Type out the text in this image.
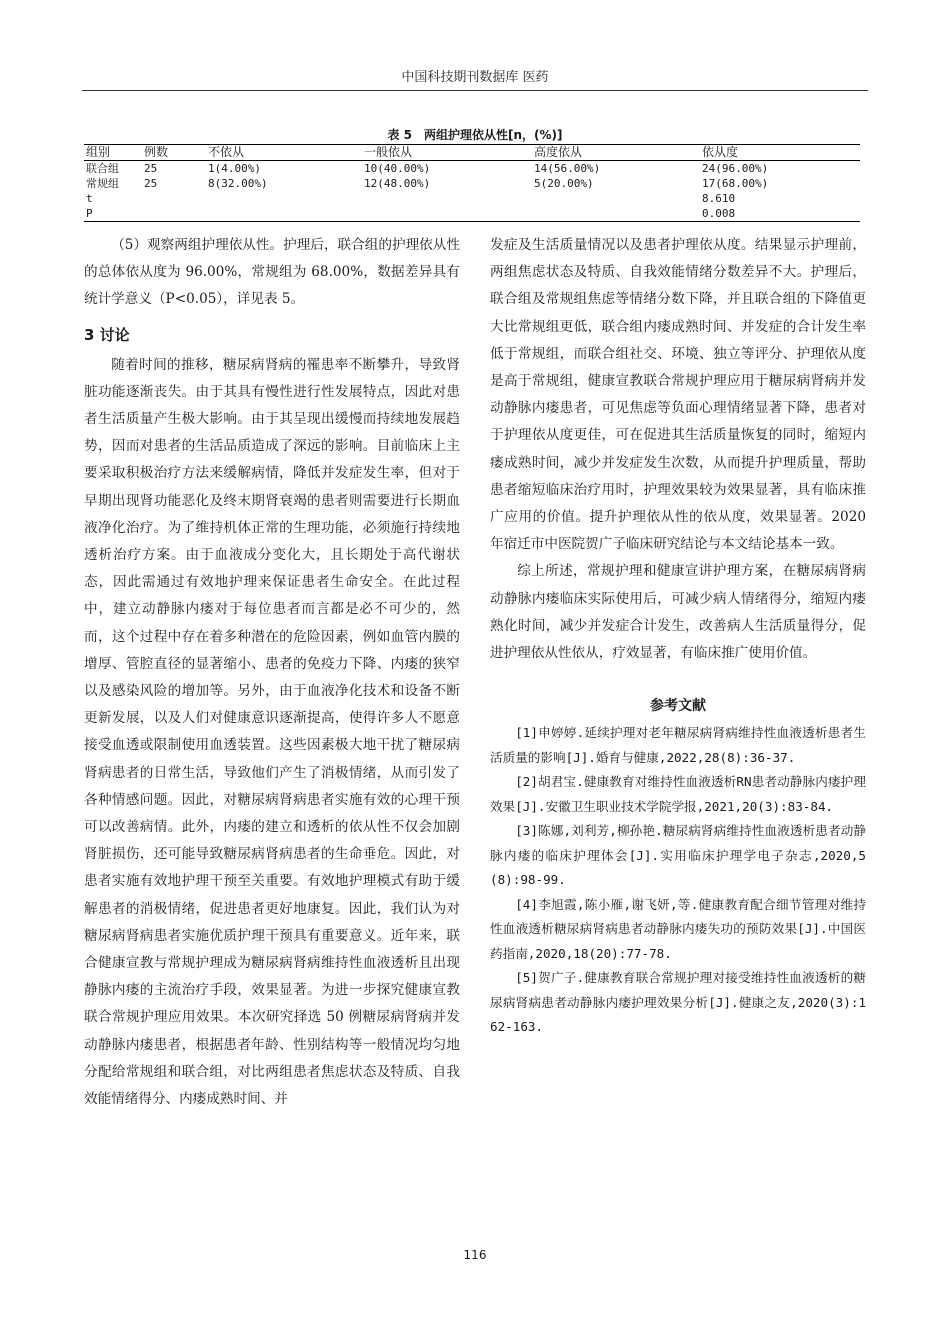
中国科技期刊数据库 医药
表 5　两组护理依从性[n，(%)]
组别	例数	不依从	一般依从	高度依从	依从度
联合组	25	1(4.00%)	10(40.00%)	14(56.00%)	24(96.00%)
常规组	25	8(32.00%)	12(48.00%)	5(20.00%)	17(68.00%)
t					8.610
P					0.008

（5）观察两组护理依从性。护理后，联合组的护理依从性的总体依从度为 96.00%，常规组为 68.00%，数据差异具有统计学意义（P<0.05），详见表 5。

3 讨论

随着时间的推移，糖尿病肾病的罹患率不断攀升，导致肾脏功能逐渐丧失。由于其具有慢性进行性发展特点，因此对患者生活质量产生极大影响。由于其呈现出缓慢而持续地发展趋势，因而对患者的生活品质造成了深远的影响。目前临床上主要采取积极治疗方法来缓解病情，降低并发症发生率，但对于早期出现肾功能恶化及终末期肾衰竭的患者则需要进行长期血液净化治疗。为了维持机体正常的生理功能，必须施行持续地透析治疗方案。由于血液成分变化大，且长期处于高代谢状态，因此需通过有效地护理来保证患者生命安全。在此过程中，建立动静脉内瘘对于每位患者而言都是必不可少的，然而，这个过程中存在着多种潜在的危险因素，例如血管内膜的增厚、管腔直径的显著缩小、患者的免疫力下降、内瘘的狭窄以及感染风险的增加等。另外，由于血液净化技术和设备不断更新发展，以及人们对健康意识逐渐提高，使得许多人不愿意接受血透或限制使用血透装置。这些因素极大地干扰了糖尿病肾病患者的日常生活，导致他们产生了消极情绪，从而引发了各种情感问题。因此，对糖尿病肾病患者实施有效的心理干预可以改善病情。此外，内瘘的建立和透析的依从性不仅会加剧肾脏损伤，还可能导致糖尿病肾病患者的生命垂危。因此，对患者实施有效地护理干预至关重要。有效地护理模式有助于缓解患者的消极情绪，促进患者更好地康复。因此，我们认为对糖尿病肾病患者实施优质护理干预具有重要意义。近年来，联合健康宣教与常规护理成为糖尿病肾病维持性血液透析且出现静脉内瘘的主流治疗手段，效果显著。为进一步探究健康宣教联合常规护理应用效果。本次研究择选 50 例糖尿病肾病并发动静脉内瘘患者，根据患者年龄、性别结构等一般情况均匀地分配给常规组和联合组，对比两组患者焦虑状态及特质、自我效能情绪得分、内瘘成熟时间、并

发症及生活质量情况以及患者护理依从度。结果显示护理前，两组焦虑状态及特质、自我效能情绪分数差异不大。护理后，联合组及常规组焦虑等情绪分数下降，并且联合组的下降值更大比常规组更低，联合组内瘘成熟时间、并发症的合计发生率低于常规组，而联合组社交、环境、独立等评分、护理依从度是高于常规组，健康宣教联合常规护理应用于糖尿病肾病并发动静脉内瘘患者，可见焦虑等负面心理情绪显著下降，患者对于护理依从度更佳，可在促进其生活质量恢复的同时，缩短内瘘成熟时间，减少并发症发生次数，从而提升护理质量，帮助患者缩短临床治疗用时，护理效果较为效果显著，具有临床推广应用的价值。提升护理依从性的依从度，效果显著。2020 年宿迁市中医院贺广子临床研究结论与本文结论基本一致。

综上所述，常规护理和健康宣讲护理方案，在糖尿病肾病动静脉内瘘临床实际使用后，可减少病人情绪得分，缩短内瘘熟化时间，减少并发症合计发生，改善病人生活质量得分，促进护理依从性依从，疗效显著，有临床推广使用价值。

参考文献

[1]申婷婷.延续护理对老年糖尿病肾病维持性血液透析患者生活质量的影响[J].婚育与健康,2022,28(8):36-37.

[2]胡君宝.健康教育对维持性血液透析RN患者动静脉内瘘护理效果[J].安徽卫生职业技术学院学报,2021,20(3):83-84.

[3]陈娜,刘利芳,柳孙艳.糖尿病肾病维持性血液透析患者动静脉内瘘的临床护理体会[J].实用临床护理学电子杂志,2020,5(8):98-99.

[4]李旭霞,陈小雁,谢飞妍,等.健康教育配合细节管理对维持性血液透析糖尿病肾病患者动静脉内瘘失功的预防效果[J].中国医药指南,2020,18(20):77-78.

[5]贺广子.健康教育联合常规护理对接受维持性血液透析的糖尿病肾病患者动静脉内瘘护理效果分析[J].健康之友,2020(3):162-163.

116
